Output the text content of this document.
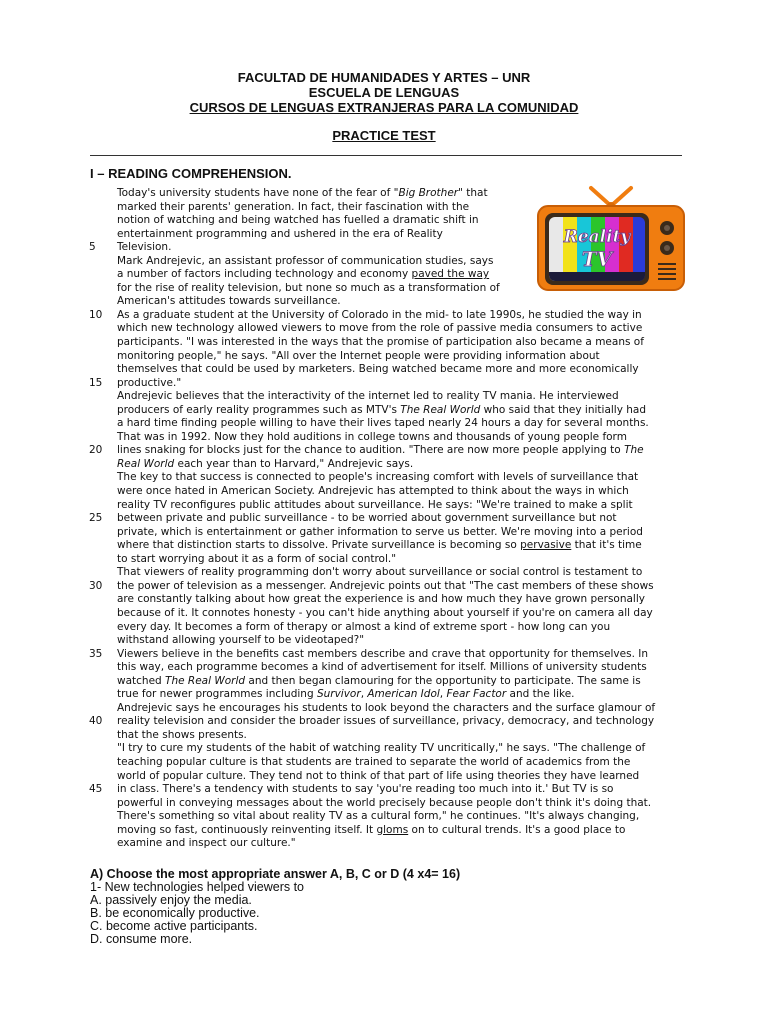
FACULTAD DE HUMANIDADES Y ARTES – UNR
ESCUELA DE LENGUAS
CURSOS DE LENGUAS EXTRANJERAS PARA LA COMUNIDAD
PRACTICE TEST
I – READING COMPREHENSION.
Reality
TV
Today's university students have none of the fear of "Big Brother" that
marked their parents' generation. In fact, their fascination with the
notion of watching and being watched has fuelled a dramatic shift in
entertainment programming and ushered in the era of Reality
5 Television.
Mark Andrejevic, an assistant professor of communication studies, says
a number of factors including technology and economy paved the way
for the rise of reality television, but none so much as a transformation of
American's attitudes towards surveillance.
10 As a graduate student at the University of Colorado in the mid- to late 1990s, he studied the way in
which new technology allowed viewers to move from the role of passive media consumers to active
participants. "I was interested in the ways that the promise of participation also became a means of
monitoring people," he says. "All over the Internet people were providing information about
themselves that could be used by marketers. Being watched became more and more economically
15 productive."
Andrejevic believes that the interactivity of the internet led to reality TV mania. He interviewed
producers of early reality programmes such as MTV's The Real World who said that they initially had
a hard time finding people willing to have their lives taped nearly 24 hours a day for several months.
That was in 1992. Now they hold auditions in college towns and thousands of young people form
20 lines snaking for blocks just for the chance to audition. "There are now more people applying to The
Real World each year than to Harvard," Andrejevic says.
The key to that success is connected to people's increasing comfort with levels of surveillance that
were once hated in American Society. Andrejevic has attempted to think about the ways in which
reality TV reconfigures public attitudes about surveillance. He says: "We're trained to make a split
25 between private and public surveillance - to be worried about government surveillance but not
private, which is entertainment or gather information to serve us better. We're moving into a period
where that distinction starts to dissolve. Private surveillance is becoming so pervasive that it's time
to start worrying about it as a form of social control."
That viewers of reality programming don't worry about surveillance or social control is testament to
30 the power of television as a messenger. Andrejevic points out that "The cast members of these shows
are constantly talking about how great the experience is and how much they have grown personally
because of it. It connotes honesty - you can't hide anything about yourself if you're on camera all day
every day. It becomes a form of therapy or almost a kind of extreme sport - how long can you
withstand allowing yourself to be videotaped?"
35 Viewers believe in the benefits cast members describe and crave that opportunity for themselves. In
this way, each programme becomes a kind of advertisement for itself. Millions of university students
watched The Real World and then began clamouring for the opportunity to participate. The same is
true for newer programmes including Survivor, American Idol, Fear Factor and the like.
Andrejevic says he encourages his students to look beyond the characters and the surface glamour of
40 reality television and consider the broader issues of surveillance, privacy, democracy, and technology
that the shows presents.
"I try to cure my students of the habit of watching reality TV uncritically," he says. "The challenge of
teaching popular culture is that students are trained to separate the world of academics from the
world of popular culture. They tend not to think of that part of life using theories they have learned
45 in class. There's a tendency with students to say 'you're reading too much into it.' But TV is so
powerful in conveying messages about the world precisely because people don't think it's doing that.
There's something so vital about reality TV as a cultural form," he continues. "It's always changing,
moving so fast, continuously reinventing itself. It gloms on to cultural trends. It's a good place to
examine and inspect our culture."
A) Choose the most appropriate answer A, B, C or D (4 x4= 16)
1- New technologies helped viewers to
A. passively enjoy the media.
B. be economically productive.
C. become active participants.
D. consume more.
